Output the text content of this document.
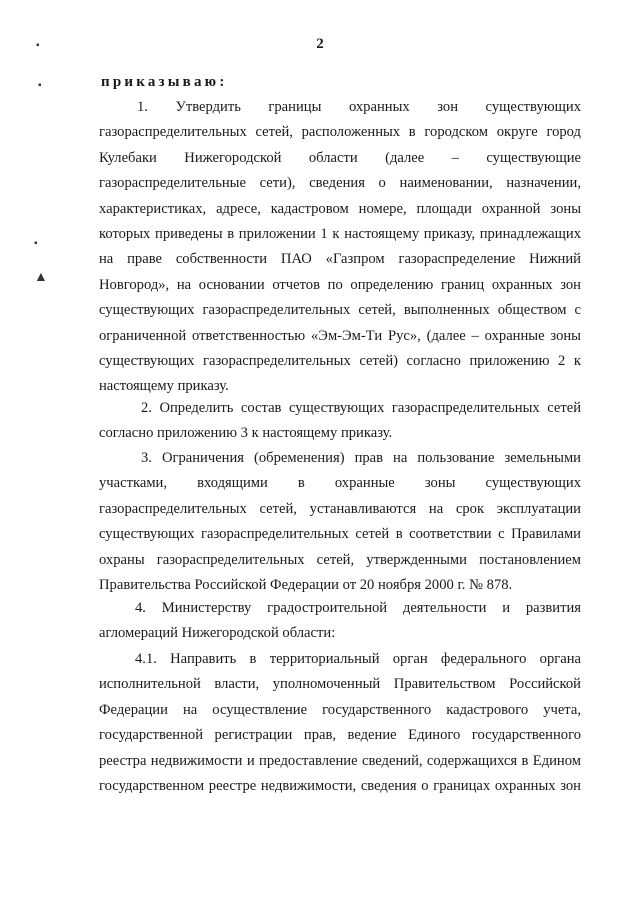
2
приказываю:
1. Утвердить границы охранных зон существующих газораспределительных сетей, расположенных в городском округе город Кулебаки Нижегородской области (далее – существующие газораспределительные сети), сведения о наименовании, назначении, характеристиках, адресе, кадастровом номере, площади охранной зоны которых приведены в приложении 1 к настоящему приказу, принадлежащих на праве собственности ПАО «Газпром газораспределение Нижний Новгород», на основании отчетов по определению границ охранных зон существующих газораспределительных сетей, выполненных обществом с ограниченной ответственностью «Эм-Эм-Ти Рус», (далее – охранные зоны существующих газораспределительных сетей) согласно приложению 2 к настоящему приказу.
2. Определить состав существующих газораспределительных сетей согласно приложению 3 к настоящему приказу.
3. Ограничения (обременения) прав на пользование земельными участками, входящими в охранные зоны существующих газораспределительных сетей, устанавливаются на срок эксплуатации существующих газораспределительных сетей в соответствии с Правилами охраны газораспределительных сетей, утвержденными постановлением Правительства Российской Федерации от 20 ноября 2000 г. № 878.
4. Министерству градостроительной деятельности и развития агломераций Нижегородской области:
4.1. Направить в территориальный орган федерального органа исполнительной власти, уполномоченный Правительством Российской Федерации на осуществление государственного кадастрового учета, государственной регистрации прав, ведение Единого государственного реестра недвижимости и предоставление сведений, содержащихся в Едином государственном реестре недвижимости, сведения о границах охранных зон
▪
▪
▪
▲
